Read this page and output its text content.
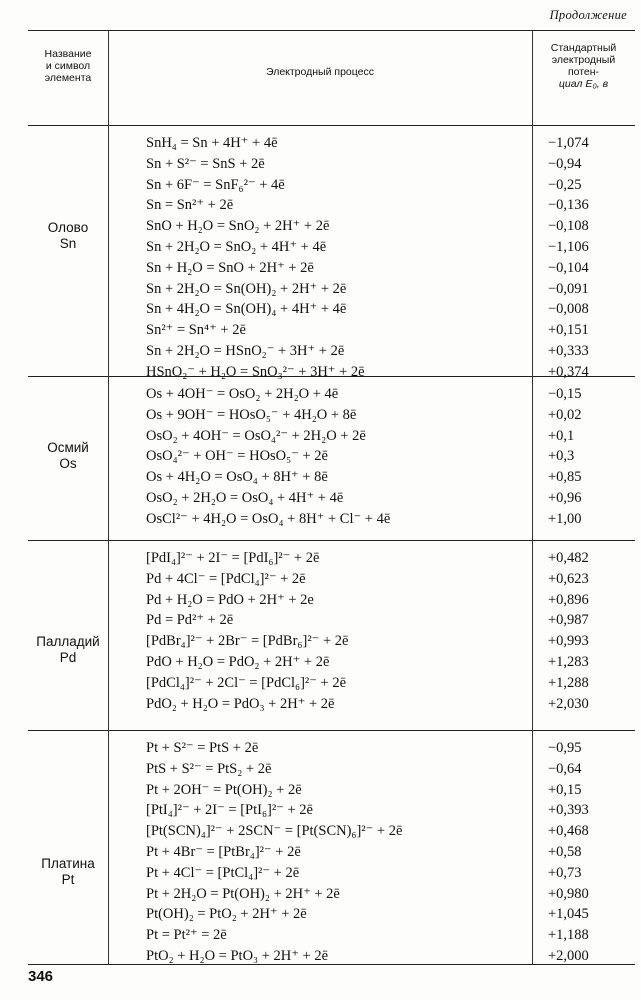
Продолжение
Название
и символ
элемента	Электродный процесс
Стандартный
электродный
потен-
циал E₀, в
Олово
Sn
SnH₄ = Sn + 4H⁺ + 4ē	−1,074
Sn + S²⁻ = SnS + 2ē	−0,94
Sn + 6F⁻ = SnF₆²⁻ + 4ē	−0,25
Sn = Sn²⁺ + 2ē	−0,136
SnO + H₂O = SnO₂ + 2H⁺ + 2ē	−0,108
Sn + 2H₂O = SnO₂ + 4H⁺ + 4ē	−1,106
Sn + H₂O = SnO + 2H⁺ + 2ē	−0,104
Sn + 2H₂O = Sn(OH)₂ + 2H⁺ + 2ē	−0,091
Sn + 4H₂O = Sn(OH)₄ + 4H⁺ + 4ē	−0,008
Sn²⁺ = Sn⁴⁺ + 2ē	+0,151
Sn + 2H₂O = HSnO₂⁻ + 3H⁺ + 2ē	+0,333
HSnO₂⁻ + H₂O = SnO₃²⁻ + 3H⁺ + 2ē	+0,374
Осмий
Os
Os + 4OH⁻ = OsO₂ + 2H₂O + 4ē	−0,15
Os + 9OH⁻ = HOsO₅⁻ + 4H₂O + 8ē	+0,02
OsO₂ + 4OH⁻ = OsO₄²⁻ + 2H₂O + 2ē	+0,1
OsO₄²⁻ + OH⁻ = HOsO₅⁻ + 2ē	+0,3
Os + 4H₂O = OsO₄ + 8H⁺ + 8ē	+0,85
OsO₂ + 2H₂O = OsO₄ + 4H⁺ + 4ē	+0,96
OsCl²⁻ + 4H₂O = OsO₄ + 8H⁺ + Cl⁻ + 4ē	+1,00
Палладий
Pd
[PdI₄]²⁻ + 2I⁻ = [PdI₆]²⁻ + 2ē	+0,482
Pd + 4Cl⁻ = [PdCl₄]²⁻ + 2ē	+0,623
Pd + H₂O = PdO + 2H⁺ + 2e	+0,896
Pd = Pd²⁺ + 2ē	+0,987
[PdBr₄]²⁻ + 2Br⁻ = [PdBr₆]²⁻ + 2ē	+0,993
PdO + H₂O = PdO₂ + 2H⁺ + 2ē	+1,283
[PdCl₄]²⁻ + 2Cl⁻ = [PdCl₆]²⁻ + 2ē	+1,288
PdO₂ + H₂O = PdO₃ + 2H⁺ + 2ē	+2,030
Платина
Pt
Pt + S²⁻ = PtS + 2ē	−0,95
PtS + S²⁻ = PtS₂ + 2ē	−0,64
Pt + 2OH⁻ = Pt(OH)₂ + 2ē	+0,15
[PtI₄]²⁻ + 2I⁻ = [PtI₆]²⁻ + 2ē	+0,393
[Pt(SCN)₄]²⁻ + 2SCN⁻ = [Pt(SCN)₆]²⁻ + 2ē	+0,468
Pt + 4Br⁻ = [PtBr₄]²⁻ + 2ē	+0,58
Pt + 4Cl⁻ = [PtCl₄]²⁻ + 2ē	+0,73
Pt + 2H₂O = Pt(OH)₂ + 2H⁺ + 2ē	+0,980
Pt(OH)₂ = PtO₂ + 2H⁺ + 2ē	+1,045
Pt = Pt²⁺ = 2ē	+1,188
PtO₂ + H₂O = PtO₃ + 2H⁺ + 2ē	+2,000
346
